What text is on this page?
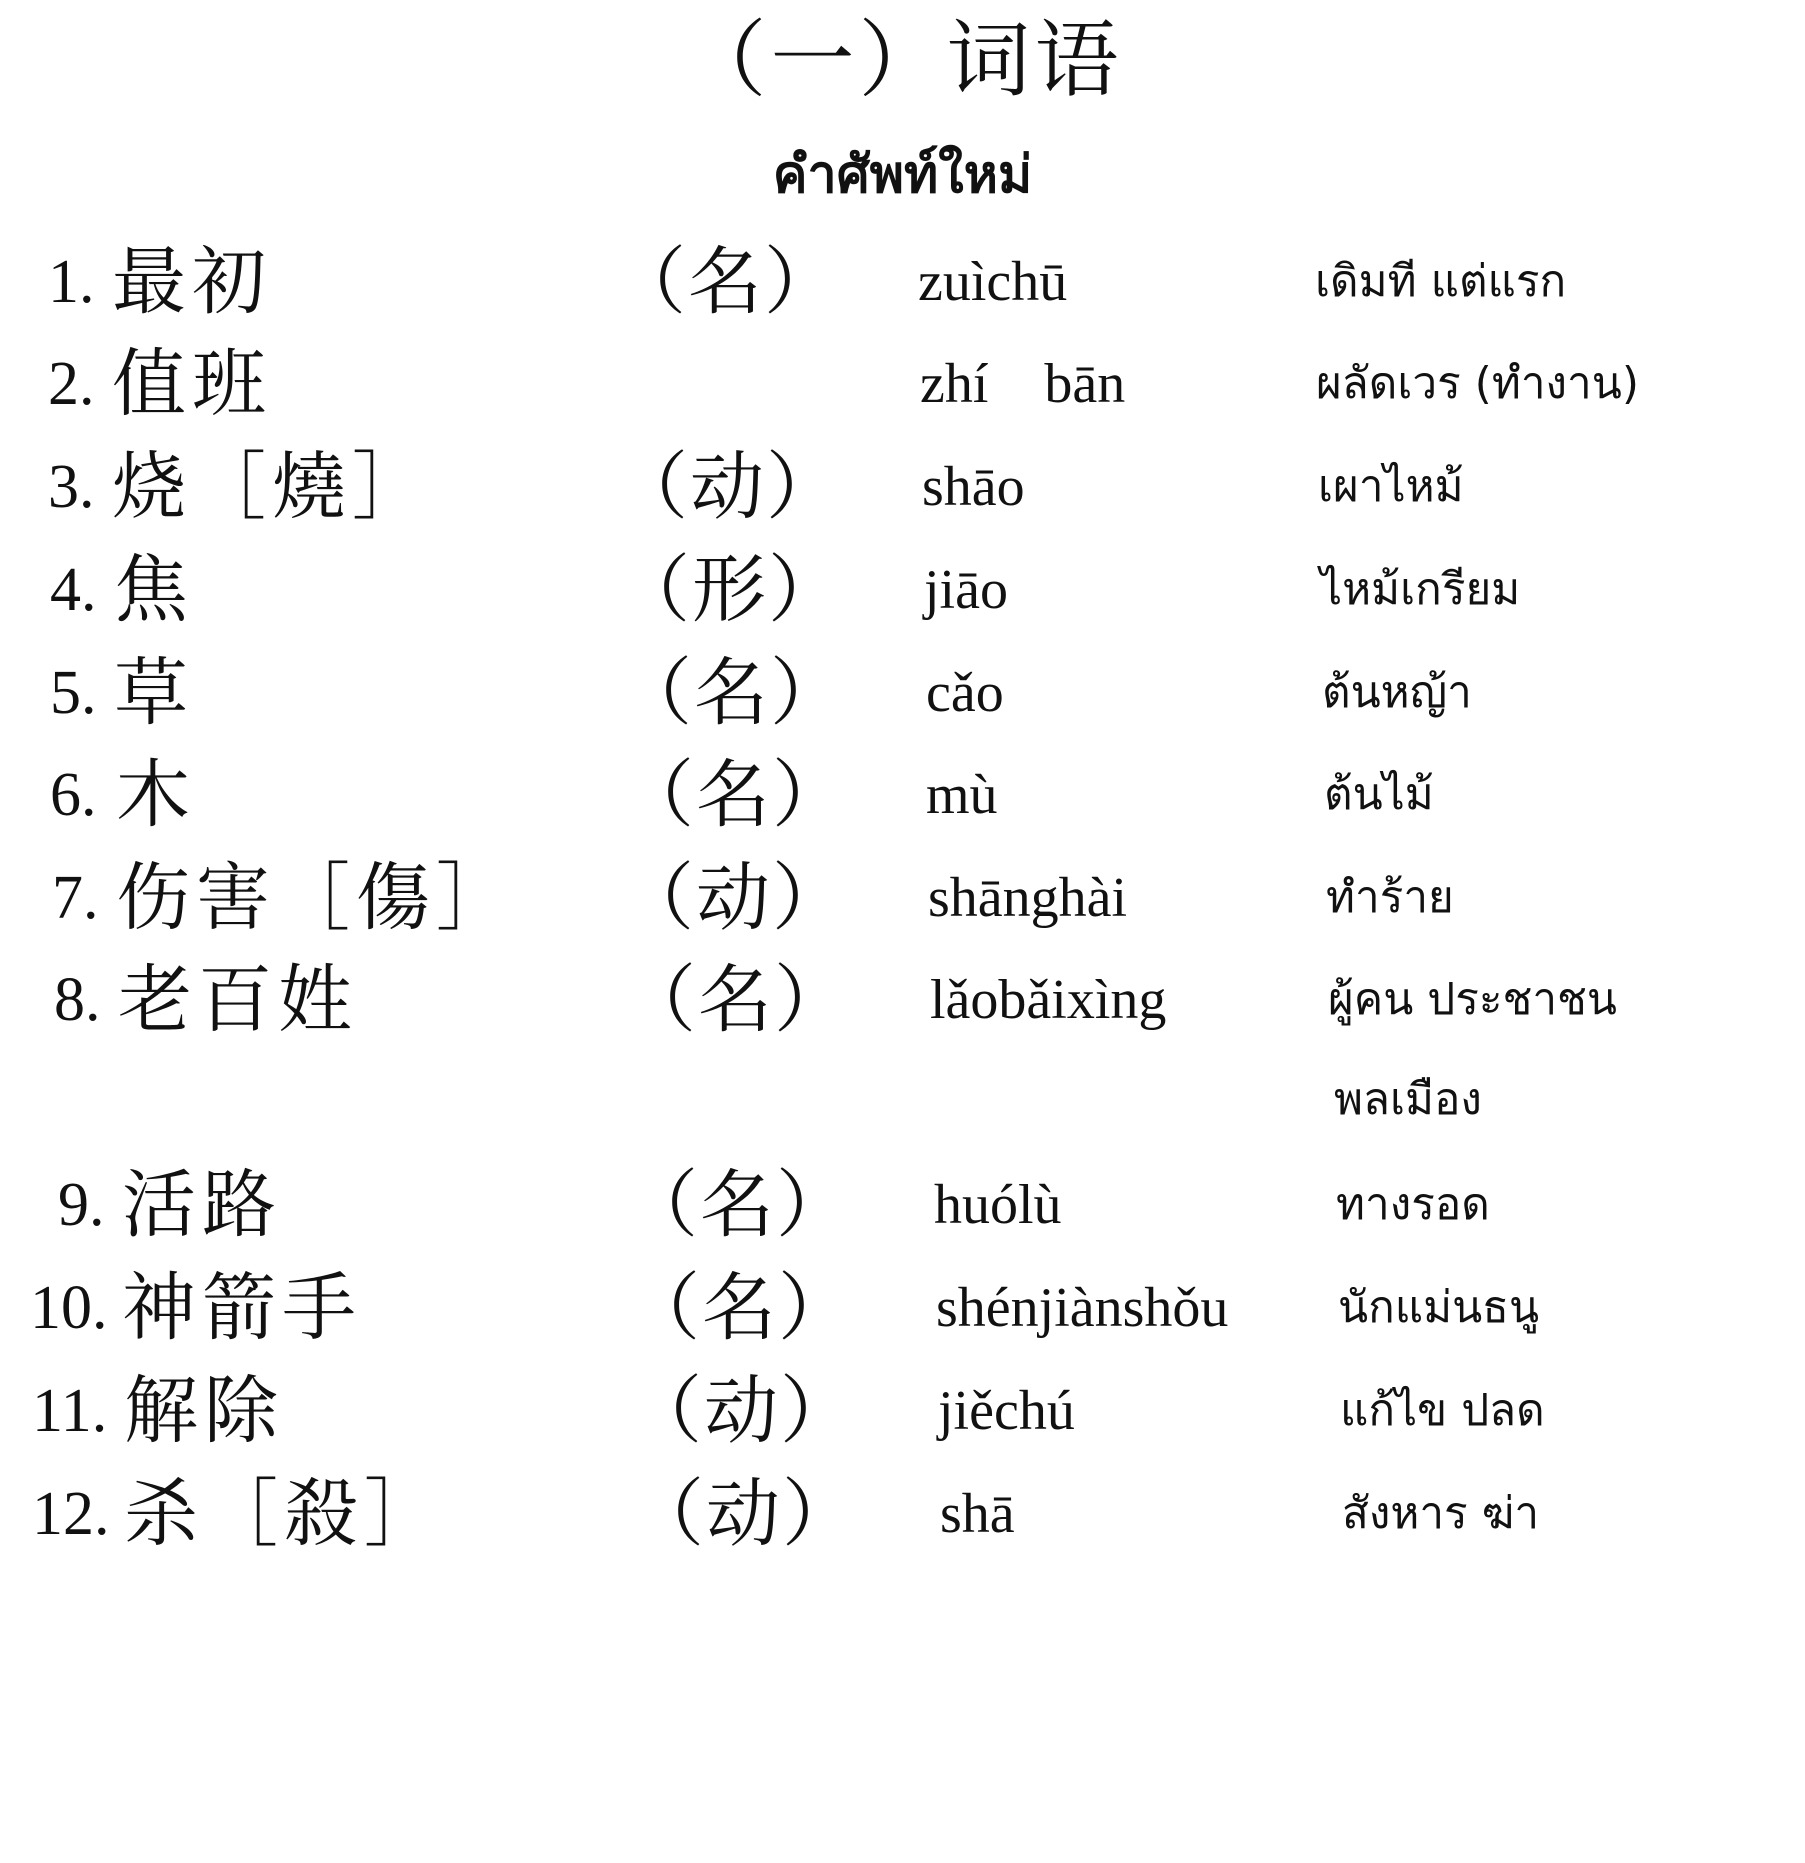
（一）词语
คำศัพท์ใหม่
1. 最初	（名） zuìchū	เดิมที แต่แรก
2. 值班	zhí　bān	ผลัดเวร (ทำงาน)
3. 烧［燒］ （动） shāo	เผาไหม้
4. 焦	（形） jiāo	ไหม้เกรียม
5. 草	（名） cǎo	ต้นหญ้า
6. 木	（名） mù	ต้นไม้
7. 伤害［傷］ （动） shānghài	ทำร้าย
8. 老百姓	（名） lǎobǎixìng	ผู้คน ประชาชน
พลเมือง
9. 活路	（名） huólù	ทางรอด
10. 神箭手	（名） shénjiànshǒu นักแม่นธนู
11. 解除	（动） jiěchú	แก้ไข ปลด
12. 杀［殺］	（动） shā	สังหาร ฆ่า
